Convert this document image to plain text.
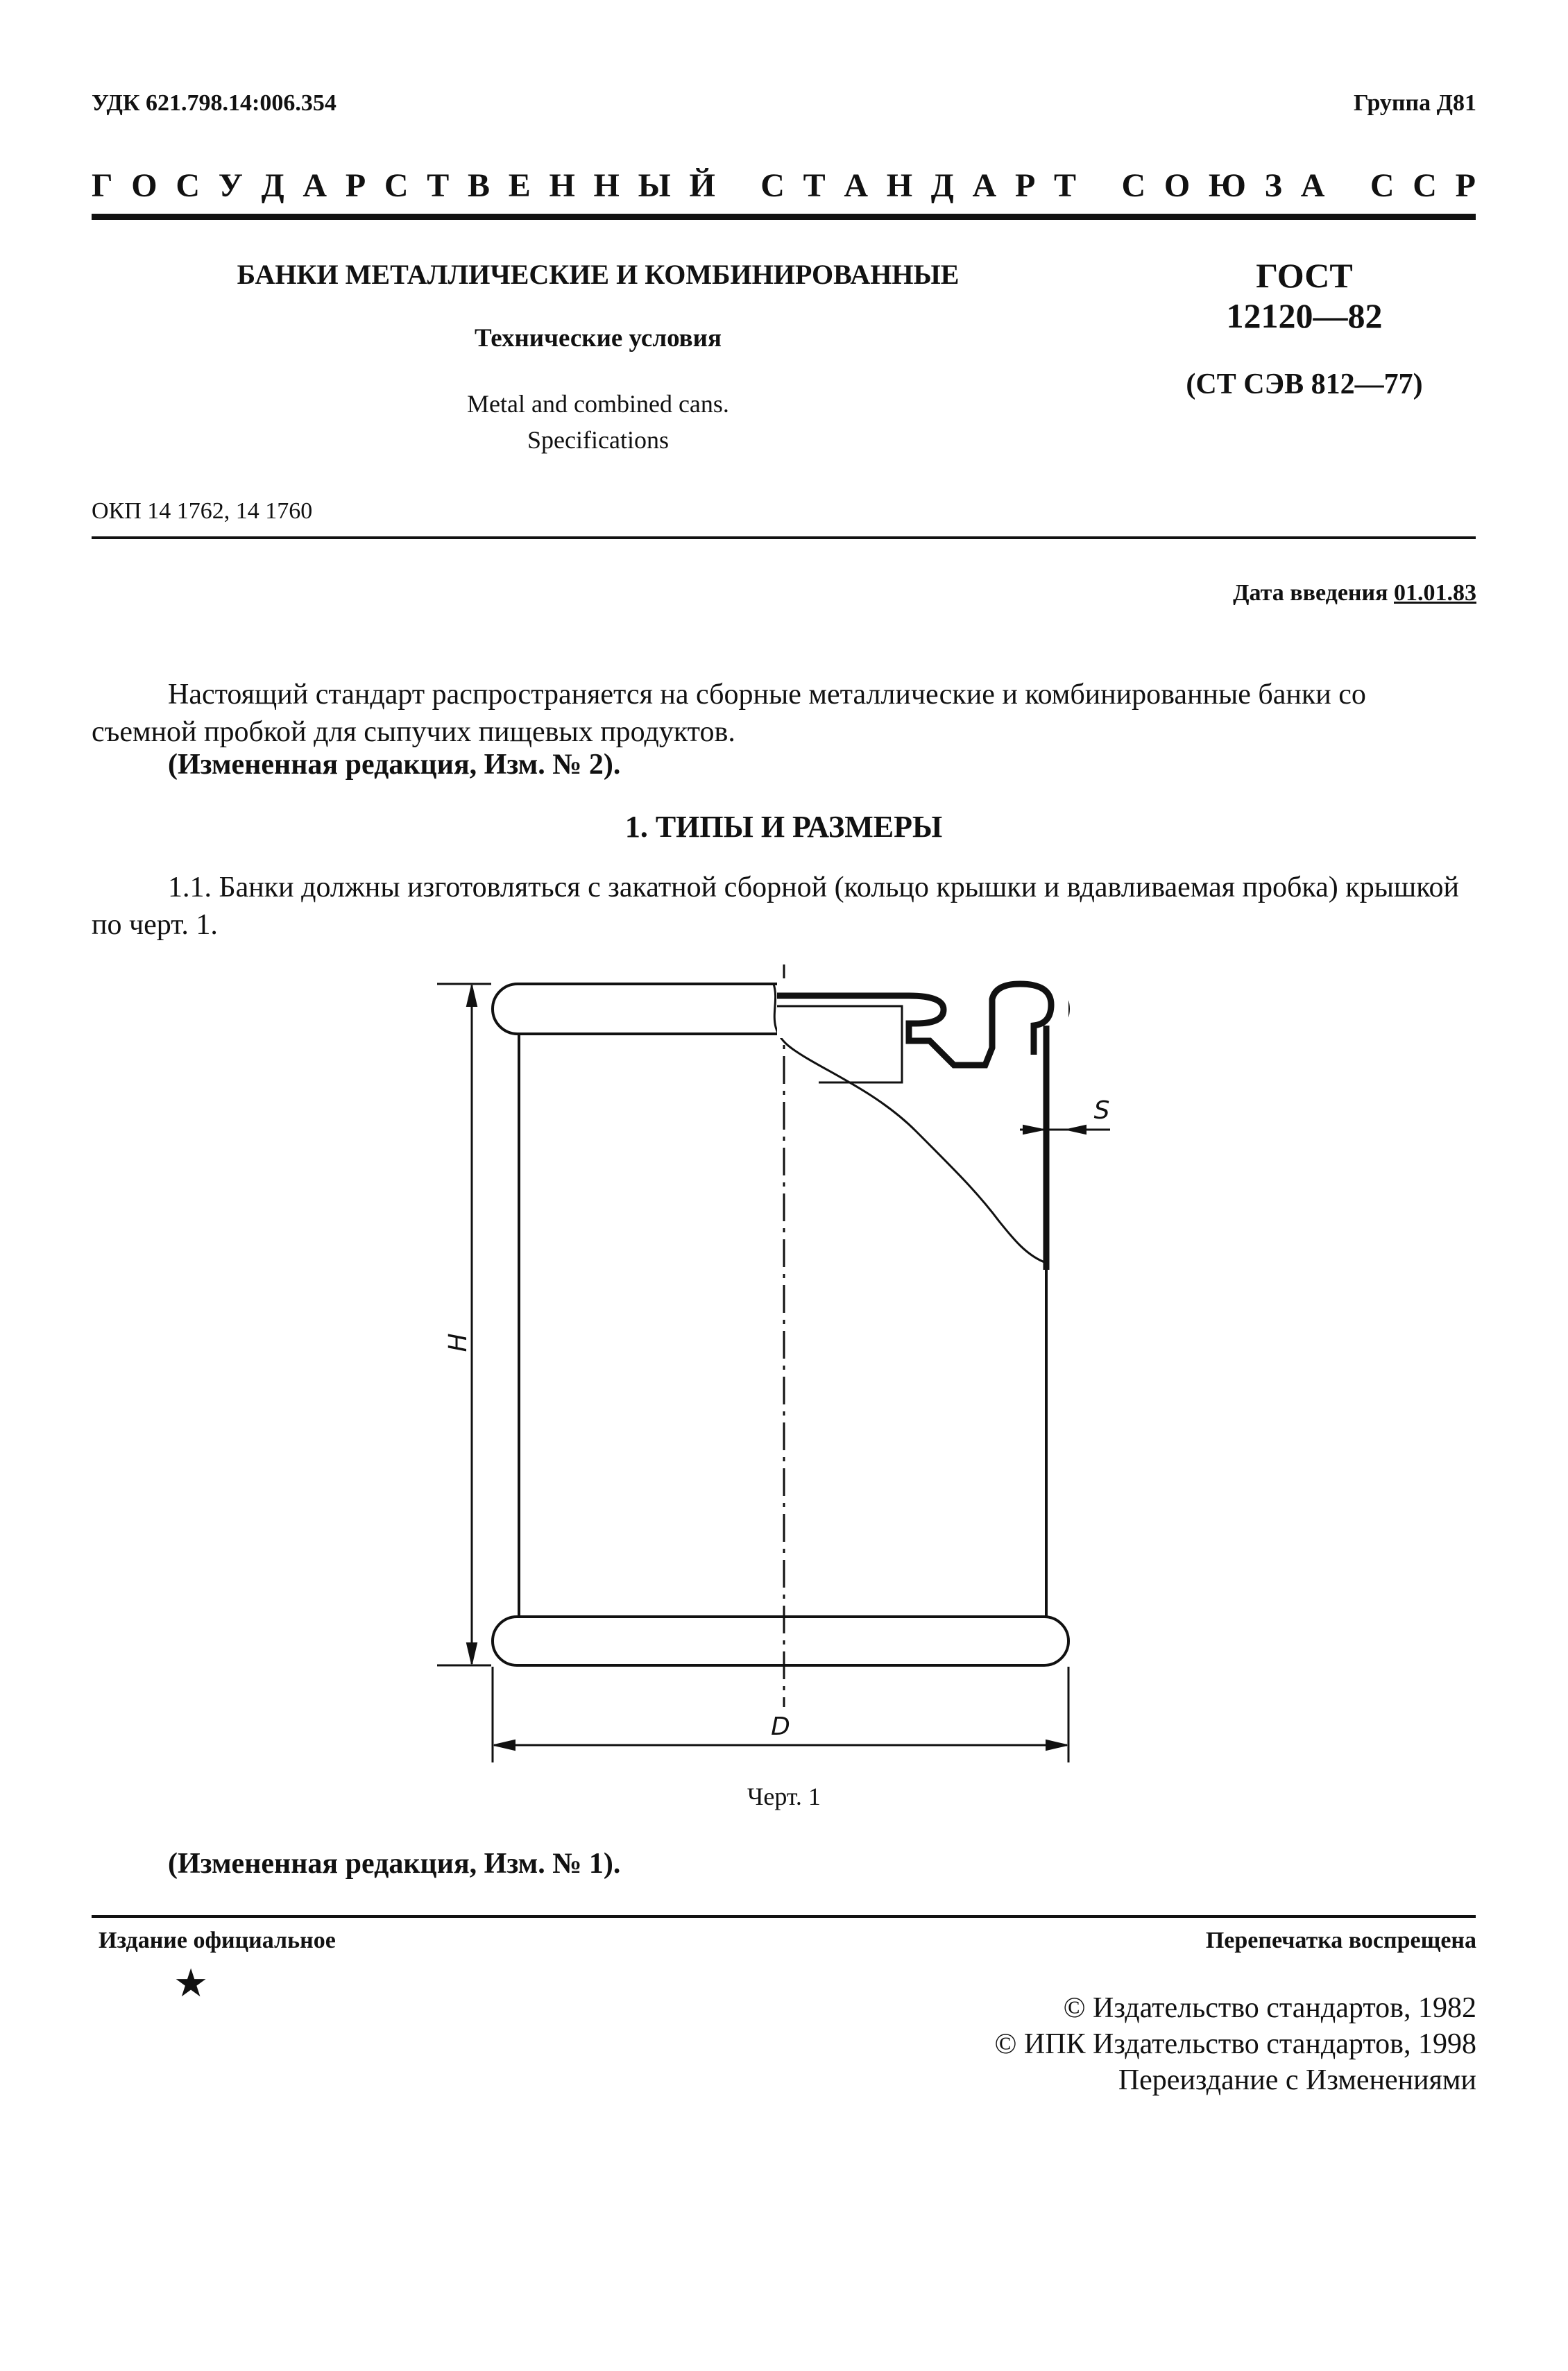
УДК 621.798.14:006.354	Группа Д81
Г О С У Д А Р С Т В Е Н Н Ы Й
С Т А Н Д А Р Т
С О Ю З А
С С Р
БАНКИ МЕТАЛЛИЧЕСКИЕ И КОМБИНИРОВАННЫЕ
Технические условия
Metal and combined cans.
Specifications
ГОСТ
12120—82
(СТ СЭВ 812—77)
ОКП 14 1762, 14 1760
Дата введения 01.01.83
Настоящий стандарт распространяется на сборные металлические и комбинированные банки со съемной пробкой для сыпучих пищевых продуктов.
(Измененная редакция, Изм. № 2).
1. ТИПЫ И РАЗМЕРЫ
1.1. Банки должны изготовляться с закатной сборной (кольцо крышки и вдавливаемая пробка) крышкой по черт. 1.
H
D
S
Черт. 1
(Измененная редакция, Изм. № 1).
Издание официальное	Перепечатка воспрещена
★
© Издательство стандартов, 1982
© ИПК Издательство стандартов, 1998
Переиздание с Изменениями
